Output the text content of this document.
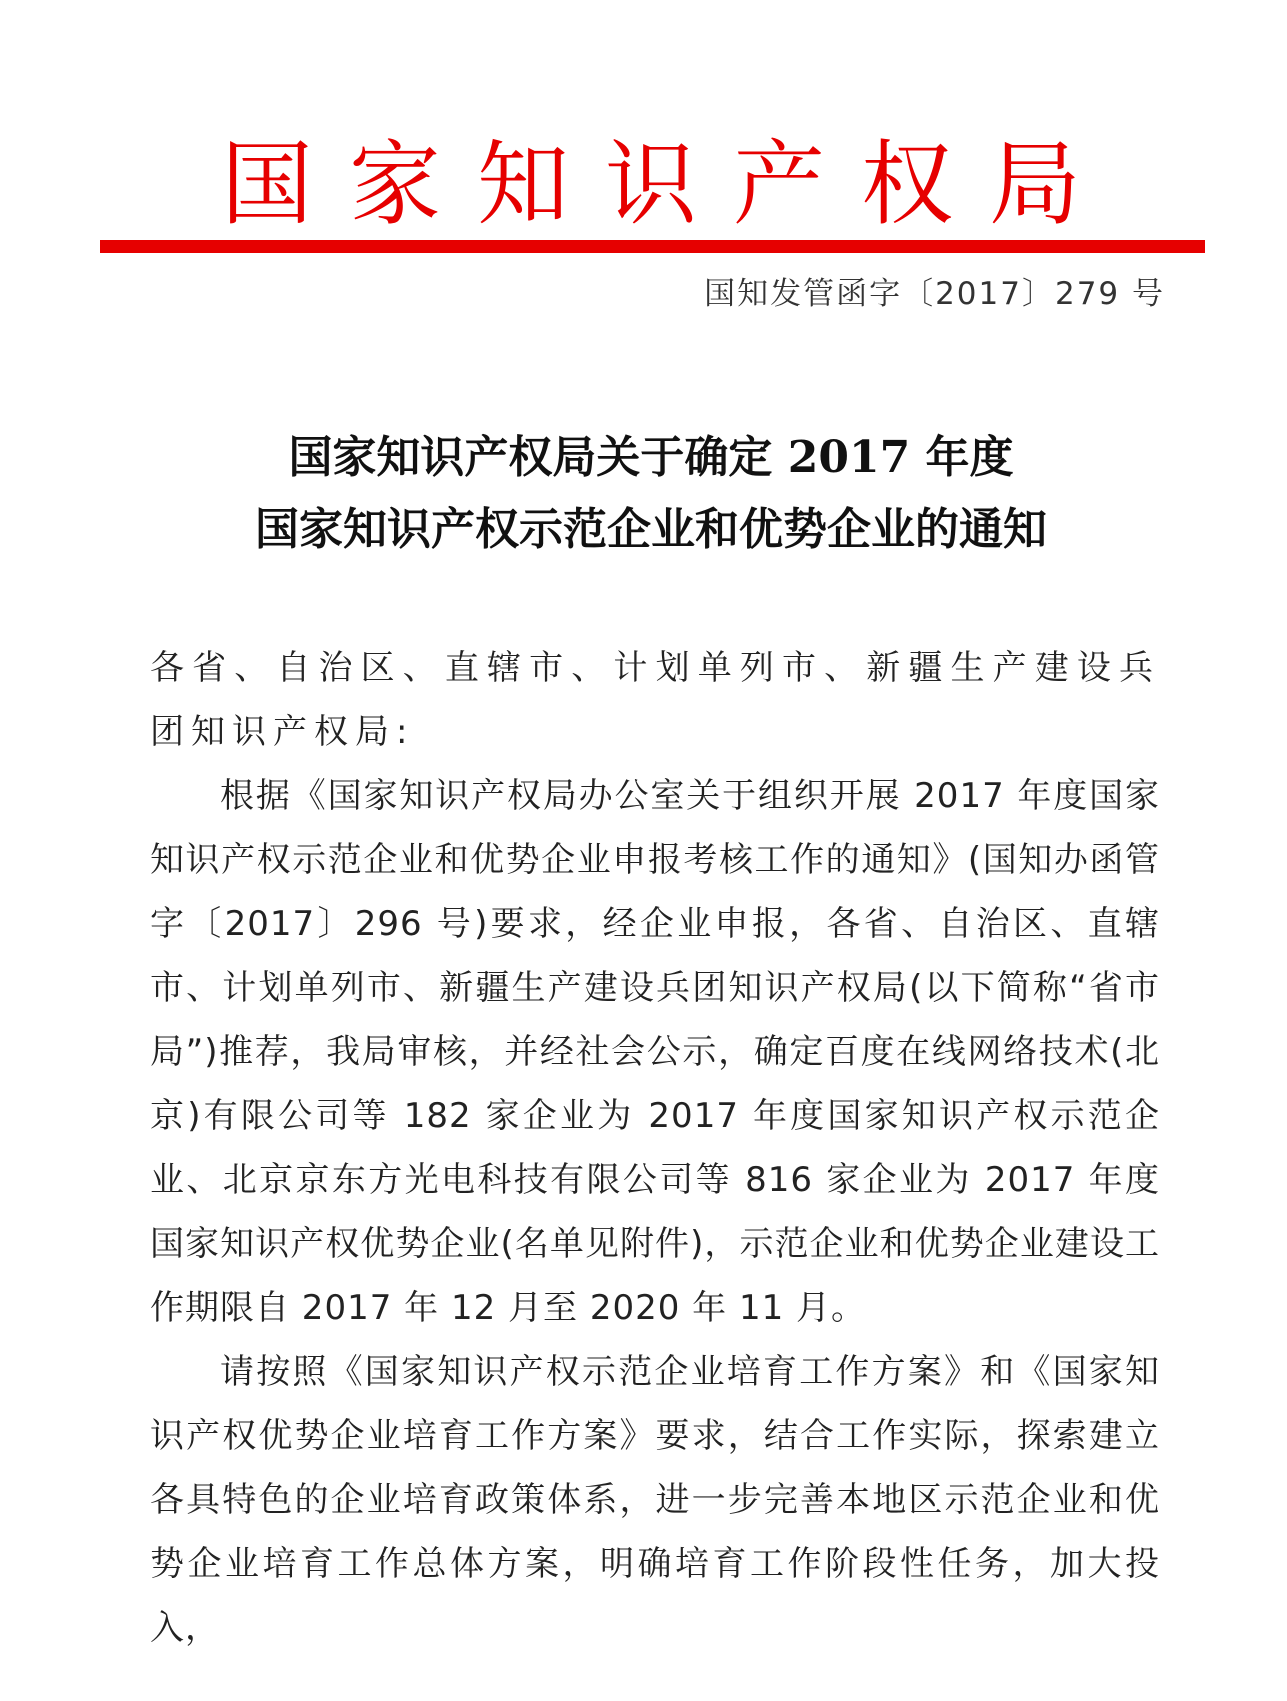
国家知识产权局
国知发管函字〔2017〕279 号
国家知识产权局关于确定 2017 年度
国家知识产权示范企业和优势企业的通知

各省、自治区、直辖市、计划单列市、新疆生产建设兵团知识产权局:

根据《国家知识产权局办公室关于组织开展 2017 年度国家知识产权示范企业和优势企业申报考核工作的通知》(国知办函管字〔2017〕296 号)要求，经企业申报，各省、自治区、直辖市、计划单列市、新疆生产建设兵团知识产权局(以下简称“省市局”)推荐，我局审核，并经社会公示，确定百度在线网络技术(北京)有限公司等 182 家企业为 2017 年度国家知识产权示范企业、北京京东方光电科技有限公司等 816 家企业为 2017 年度国家知识产权优势企业(名单见附件)，示范企业和优势企业建设工作期限自 2017 年 12 月至 2020 年 11 月。

请按照《国家知识产权示范企业培育工作方案》和《国家知识产权优势企业培育工作方案》要求，结合工作实际，探索建立各具特色的企业培育政策体系，进一步完善本地区示范企业和优势企业培育工作总体方案，明确培育工作阶段性任务，加大投入，
